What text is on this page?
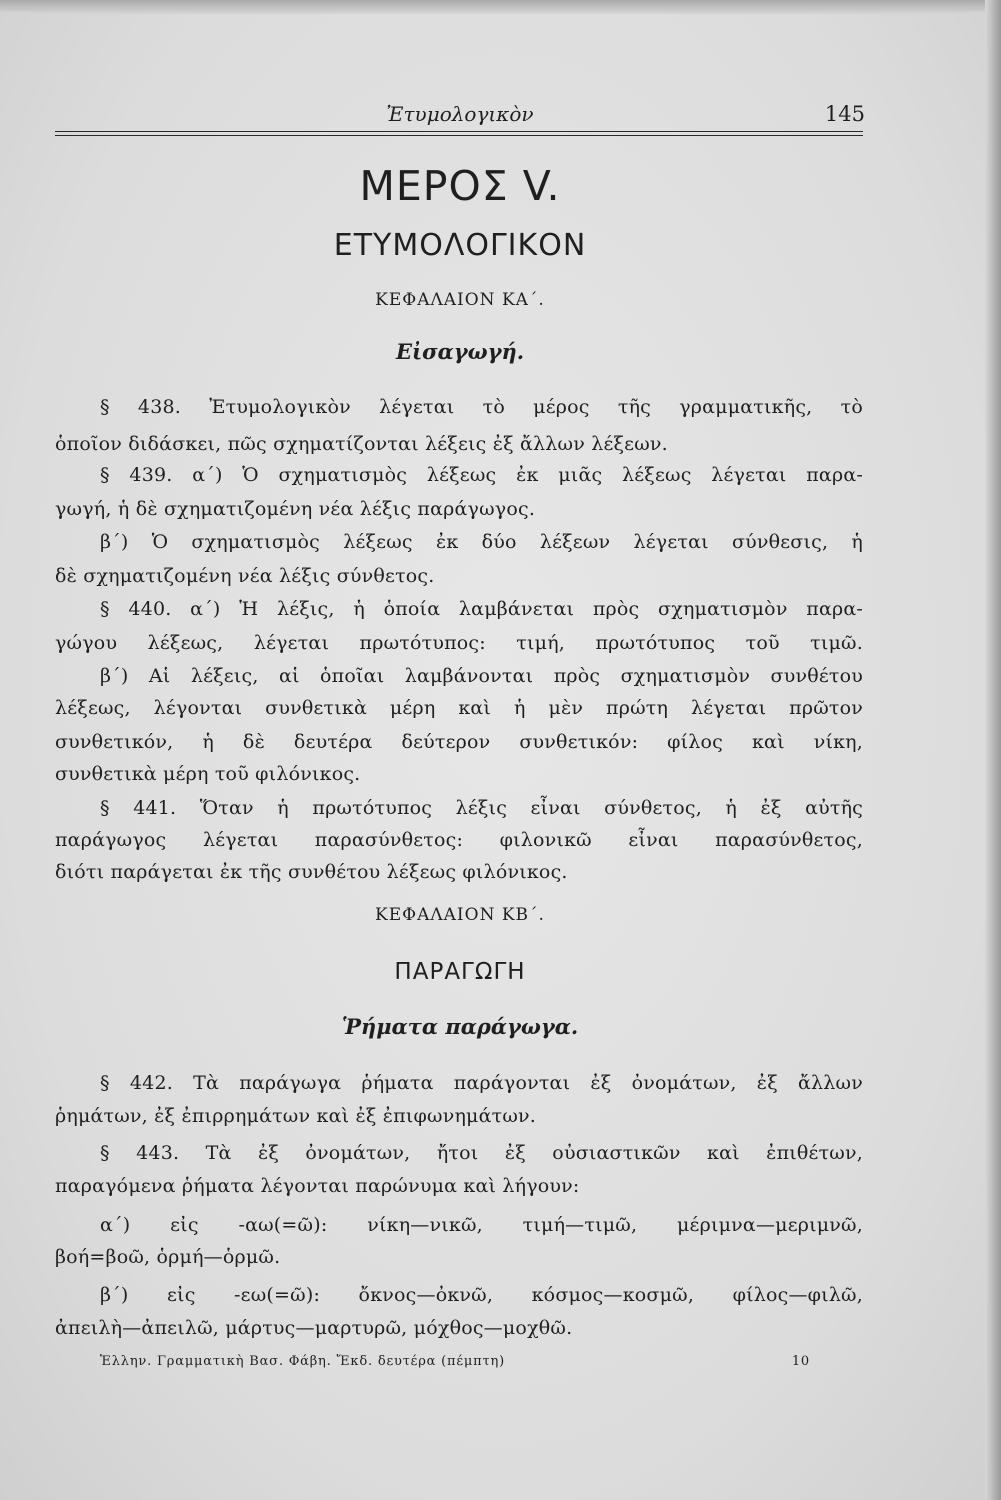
Ἐτυμολογικὸν	145
ΜΕΡΟΣ V.
ΕΤΥΜΟΛΟΓΙΚΟΝ
ΚΕΦΑΛΑΙΟΝ ΚΑ΄.
Εἰσαγωγή.
§ 438. Ἐτυμολογικὸν λέγεται τὸ μέρος τῆς γραμματικῆς, τὸ
ὁποῖον διδάσκει, πῶς σχηματίζονται λέξεις ἐξ ἄλλων λέξεων.
§ 439. α΄) Ὁ σχηματισμὸς λέξεως ἐκ μιᾶς λέξεως λέγεται παρα-
γωγή, ἡ δὲ σχηματιζομένη νέα λέξις παράγωγος.
β΄) Ὁ σχηματισμὸς λέξεως ἐκ δύο λέξεων λέγεται σύνθεσις, ἡ
δὲ σχηματιζομένη νέα λέξις σύνθετος.
§ 440. α΄) Ἡ λέξις, ἡ ὁποία λαμβάνεται πρὸς σχηματισμὸν παρα-
γώγου λέξεως, λέγεται πρωτότυπος: τιμή, πρωτότυπος τοῦ τιμῶ.
β΄) Αἱ λέξεις, αἱ ὁποῖαι λαμβάνονται πρὸς σχηματισμὸν συνθέτου
λέξεως, λέγονται συνθετικὰ μέρη καὶ ἡ μὲν πρώτη λέγεται πρῶτον
συνθετικόν, ἡ δὲ δευτέρα δεύτερον συνθετικόν: φίλος καὶ νίκη,
συνθετικὰ μέρη τοῦ φιλόνικος.
§ 441. Ὅταν ἡ πρωτότυπος λέξις εἶναι σύνθετος, ἡ ἐξ αὐτῆς
παράγωγος λέγεται παρασύνθετος: φιλονικῶ εἶναι παρασύνθετος,
διότι παράγεται ἐκ τῆς συνθέτου λέξεως φιλόνικος.
ΚΕΦΑΛΑΙΟΝ ΚΒ΄.
ΠΑΡΑΓΩΓΗ
Ῥήματα παράγωγα.
§ 442. Τὰ παράγωγα ῥήματα παράγονται ἐξ ὀνομάτων, ἐξ ἄλλων
ῥημάτων, ἐξ ἐπιρρημάτων καὶ ἐξ ἐπιφωνημάτων.
§ 443. Τὰ ἐξ ὀνομάτων, ἤτοι ἐξ οὐσιαστικῶν καὶ ἐπιθέτων,
παραγόμενα ῥήματα λέγονται παρώνυμα καὶ λήγουν:
α΄) εἰς -αω(=ῶ): νίκη—νικῶ, τιμή—τιμῶ, μέριμνα—μεριμνῶ,
βοή=βοῶ, ὁρμή—ὁρμῶ.
β΄) εἰς -εω(=ῶ): ὄκνος—ὀκνῶ, κόσμος—κοσμῶ, φίλος—φιλῶ,
ἀπειλὴ—ἀπειλῶ, μάρτυς—μαρτυρῶ, μόχθος—μοχθῶ.
Ἑλλην. Γραμματικὴ Βασ. Φάβη. Ἔκδ. δευτέρα (πέμπτη)	10
